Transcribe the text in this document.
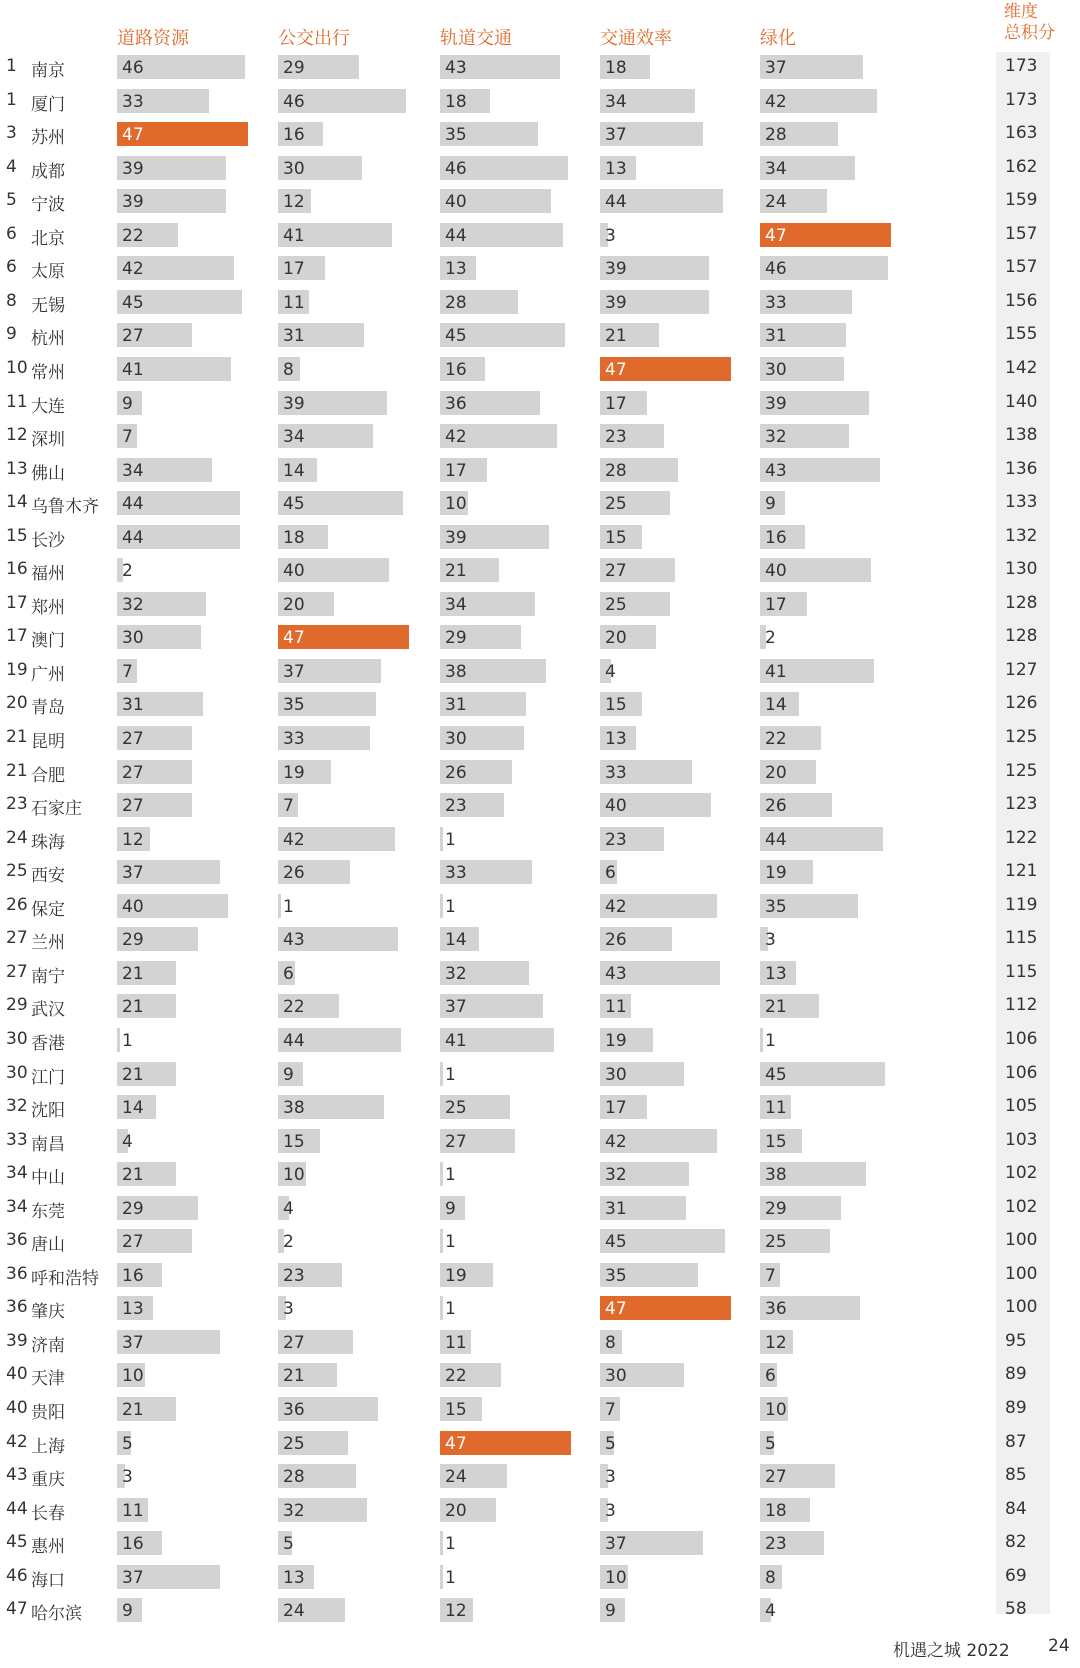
道路资源	公交出行	轨道交通	交通效率	绿化
维度
总积分
1 南京	46	29	43	18	37	173
1 厦门	33	46	18	34	42	173
3 苏州	47	16	35	37	28	163
4 成都	39	30	46	13	34	162
5 宁波	39	12	40	44	24	159
6 北京	22	41	44	3	47	157
6 太原	42	17	13	39	46	157
8 无锡	45	11	28	39	33	156
9 杭州	27	31	45	21	31	155
10 常州	41	8	16	47	30	142
11 大连	9	39	36	17	39	140
12 深圳	7	34	42	23	32	138
13 佛山	34	14	17	28	43	136
14 乌鲁木齐 44	45	10	25	9	133
15 长沙	44	18	39	15	16	132
16 福州	2	40	21	27	40	130
17 郑州	32	20	34	25	17	128
17 澳门	30	47	29	20	2	128
19 广州	7	37	38	4	41	127
20 青岛	31	35	31	15	14	126
21 昆明	27	33	30	13	22	125
21 合肥	27	19	26	33	20	125
23 石家庄 27	7	23	40	26	123
24 珠海	12	42	1	23	44	122
25 西安	37	26	33	6	19	121
26 保定	40	1	1	42	35	119
27 兰州	29	43	14	26	3	115
27 南宁	21	6	32	43	13	115
29 武汉	21	22	37	11	21	112
30 香港	1	44	41	19	1	106
30 江门	21	9	1	30	45	106
32 沈阳	14	38	25	17	11	105
33 南昌	4	15	27	42	15	103
34 中山	21	10	1	32	38	102
34 东莞	29	4	9	31	29	102
36 唐山	27	2	1	45	25	100
36 呼和浩特 16	23	19	35	7	100
36 肇庆	13	3	1	47	36	100
39 济南	37	27	11	8	12	95
40 天津	10	21	22	30	6	89
40 贵阳	21	36	15	7	10	89
42 上海	5	25	47	5	5	87
43 重庆	3	28	24	3	27	85
44 长春	11	32	20	3	18	84
45 惠州	16	5	1	37	23	82
46 海口	37	13	1	10	8	69
47 哈尔滨 9	24	12	9	4	58
机遇之城 2022 24
